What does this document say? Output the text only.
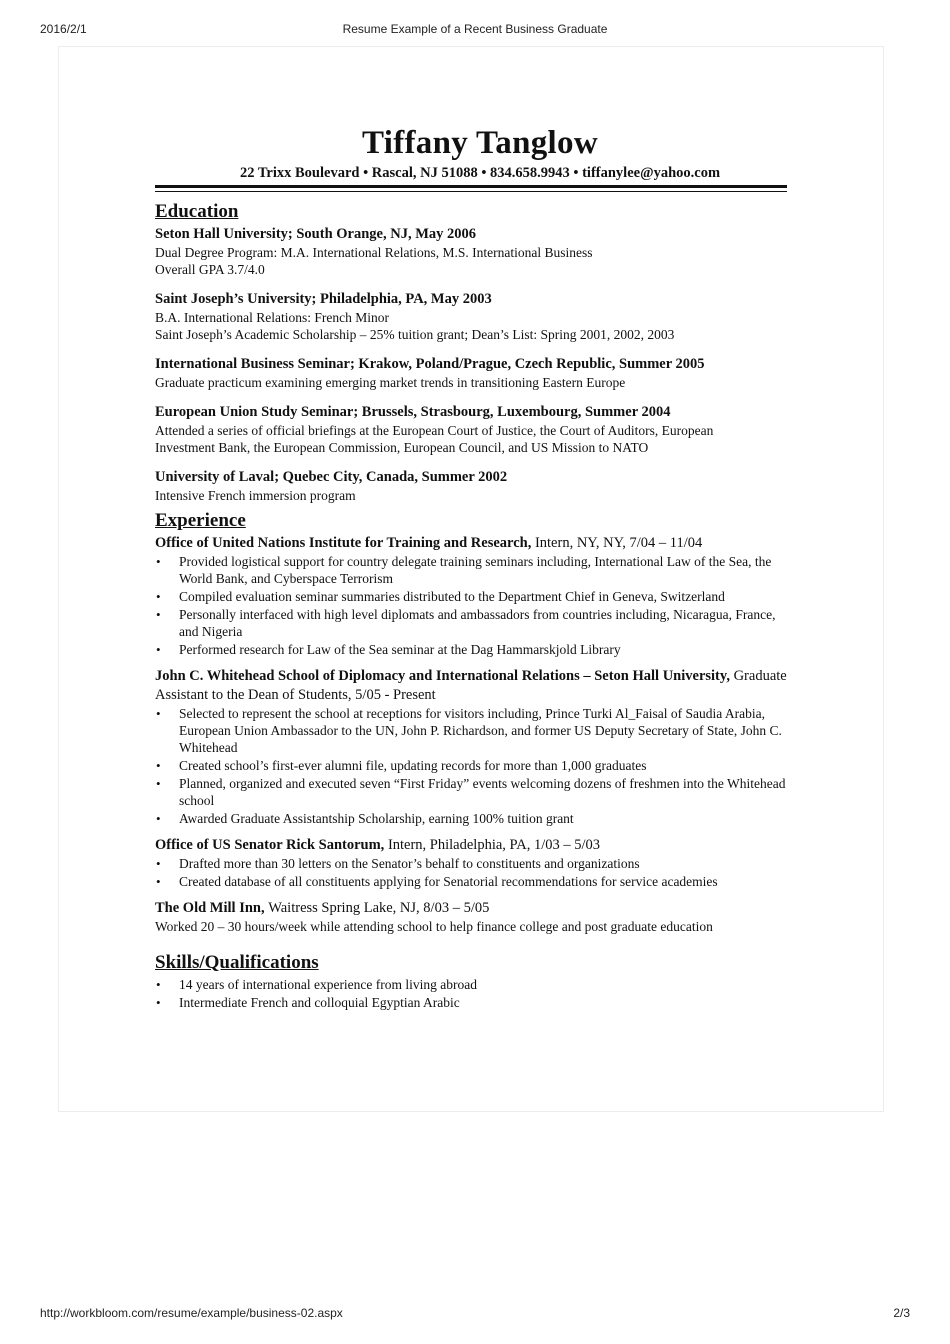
2016/2/1	Resume Example of a Recent Business Graduate
Tiffany Tanglow
22 Trixx Boulevard • Rascal, NJ 51088 • 834.658.9943 • tiffanylee@yahoo.com
Education
Seton Hall University; South Orange, NJ, May 2006
Dual Degree Program: M.A. International Relations, M.S. International Business
Overall GPA 3.7/4.0
Saint Joseph’s University; Philadelphia, PA, May 2003
B.A. International Relations: French Minor
Saint Joseph’s Academic Scholarship – 25% tuition grant; Dean’s List: Spring 2001, 2002, 2003
International Business Seminar; Krakow, Poland/Prague, Czech Republic, Summer 2005
Graduate practicum examining emerging market trends in transitioning Eastern Europe
European Union Study Seminar; Brussels, Strasbourg, Luxembourg, Summer 2004
Attended a series of official briefings at the European Court of Justice, the Court of Auditors, European
Investment Bank, the European Commission, European Council, and US Mission to NATO
University of Laval; Quebec City, Canada, Summer 2002
Intensive French immersion program
Experience
Office of United Nations Institute for Training and Research, Intern, NY, NY, 7/04 – 11/04
• Provided logistical support for country delegate training seminars including, International Law of the Sea, the World Bank, and Cyberspace Terrorism
• Compiled evaluation seminar summaries distributed to the Department Chief in Geneva, Switzerland
• Personally interfaced with high level diplomats and ambassadors from countries including, Nicaragua, France, and Nigeria
• Performed research for Law of the Sea seminar at the Dag Hammarskjold Library
John C. Whitehead School of Diplomacy and International Relations – Seton Hall University, Graduate Assistant to the Dean of Students, 5/05 - Present
• Selected to represent the school at receptions for visitors including, Prince Turki Al_Faisal of Saudia Arabia, European Union Ambassador to the UN, John P. Richardson, and former US Deputy Secretary of State, John C. Whitehead
• Created school’s first-ever alumni file, updating records for more than 1,000 graduates
• Planned, organized and executed seven “First Friday” events welcoming dozens of freshmen into the Whitehead school
• Awarded Graduate Assistantship Scholarship, earning 100% tuition grant
Office of US Senator Rick Santorum, Intern, Philadelphia, PA, 1/03 – 5/03
• Drafted more than 30 letters on the Senator’s behalf to constituents and organizations
• Created database of all constituents applying for Senatorial recommendations for service academies
The Old Mill Inn, Waitress Spring Lake, NJ, 8/03 – 5/05
Worked 20 – 30 hours/week while attending school to help finance college and post graduate education
Skills/Qualifications
• 14 years of international experience from living abroad
• Intermediate French and colloquial Egyptian Arabic
http://workbloom.com/resume/example/business-02.aspx	2/3
